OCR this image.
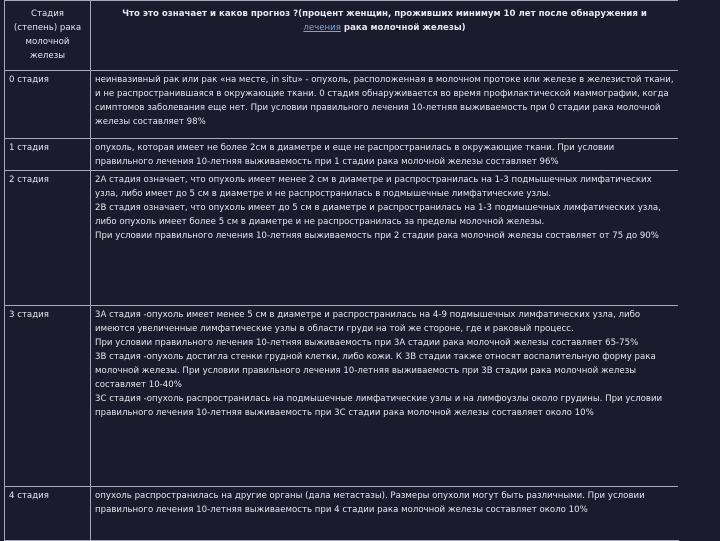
Стадия (степень) рака молочной железы	Что это означает и каков прогноз ?(процент женщин, проживших минимум 10 лет после обнаружения и
лечения рака молочной железы)
0 стадия	неинвазивный рак или рак «на месте, in situ» - опухоль, расположенная в молочном протоке или железе в железистой ткани, и не распространившаяся в окружающие ткани. 0 стадия обнаруживается во время профилактической маммографии, когда симптомов заболевания еще нет. При условии правильного лечения 10-летняя выживаемость при 0 стадии рака молочной железы составляет 98%

1 стадия	опухоль, которая имеет не более 2см в диаметре и еще не распространилась в окружающие ткани. При условии правильного лечения 10-летняя выживаемость при 1 стадии рака молочной железы составляет 96%

2 стадия	2А стадия означает, что опухоль имеет менее 2 см в диаметре и распространилась на 1-3 подмышечных лимфатических узла, либо имеет до 5 см в диаметре и не распространилась в подмышечные лимфатические узлы.
2В стадия означает, что опухоль имеет до 5 см в диаметре и распространилась на 1-3 подмышечных лимфатических узла, либо опухоль имеет более 5 см в диаметре и не распространилась за пределы молочной железы.
При условии правильного лечения 10-летняя выживаемость при 2 стадии рака молочной железы составляет от 75 до 90%

3 стадия	3А стадия -опухоль имеет менее 5 см в диаметре и распространилась на 4-9 подмышечных лимфатических узла, либо имеются увеличенные лимфатические узлы в области груди на той же стороне, где и раковый процесс.
При условии правильного лечения 10-летняя выживаемость при 3А стадии рака молочной железы составляет 65-75%
3В стадия -опухоль достигла стенки грудной клетки, либо кожи. К 3В стадии также относят воспалительную форму рака молочной железы. При условии правильного лечения 10-летняя выживаемость при 3В стадии рака молочной железы составляет 10-40%
3С стадия -опухоль распространилась на подмышечные лимфатические узлы и на лимфоузлы около грудины. При условии правильного лечения 10-летняя выживаемость при 3С стадии рака молочной железы составляет около 10%

4 стадия	опухоль распространилась на другие органы (дала метастазы). Размеры опухоли могут быть различными. При условии правильного лечения 10-летняя выживаемость при 4 стадии рака молочной железы составляет около 10%
